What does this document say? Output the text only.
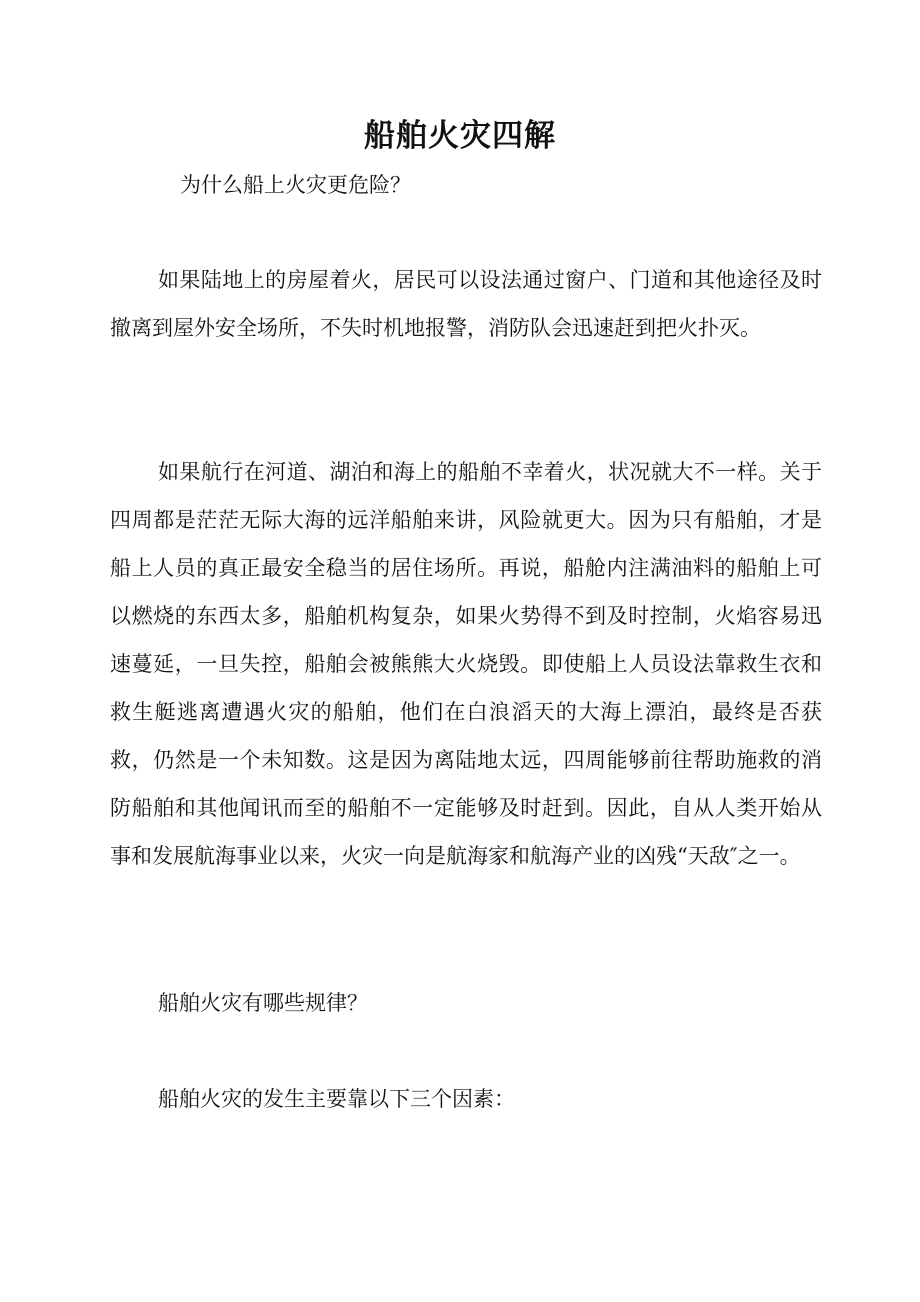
船舶火灾四解

为什么船上火灾更危险？

如果陆地上的房屋着火，居民可以设法通过窗户、门道和其他途径及时撤离到屋外安全场所，不失时机地报警，消防队会迅速赶到把火扑灭。

如果航行在河道、湖泊和海上的船舶不幸着火，状况就大不一样。关于四周都是茫茫无际大海的远洋船舶来讲，风险就更大。因为只有船舶，才是船上人员的真正最安全稳当的居住场所。再说，船舱内注满油料的船舶上可以燃烧的东西太多，船舶机构复杂，如果火势得不到及时控制，火焰容易迅速蔓延，一旦失控，船舶会被熊熊大火烧毁。即使船上人员设法靠救生衣和救生艇逃离遭遇火灾的船舶，他们在白浪滔天的大海上漂泊，最终是否获救，仍然是一个未知数。这是因为离陆地太远，四周能够前往帮助施救的消防船舶和其他闻讯而至的船舶不一定能够及时赶到。因此，自从人类开始从事和发展航海事业以来，火灾一向是航海家和航海产业的凶残“天敌″之一。

船舶火灾有哪些规律？

船舶火灾的发生主要靠以下三个因素：
